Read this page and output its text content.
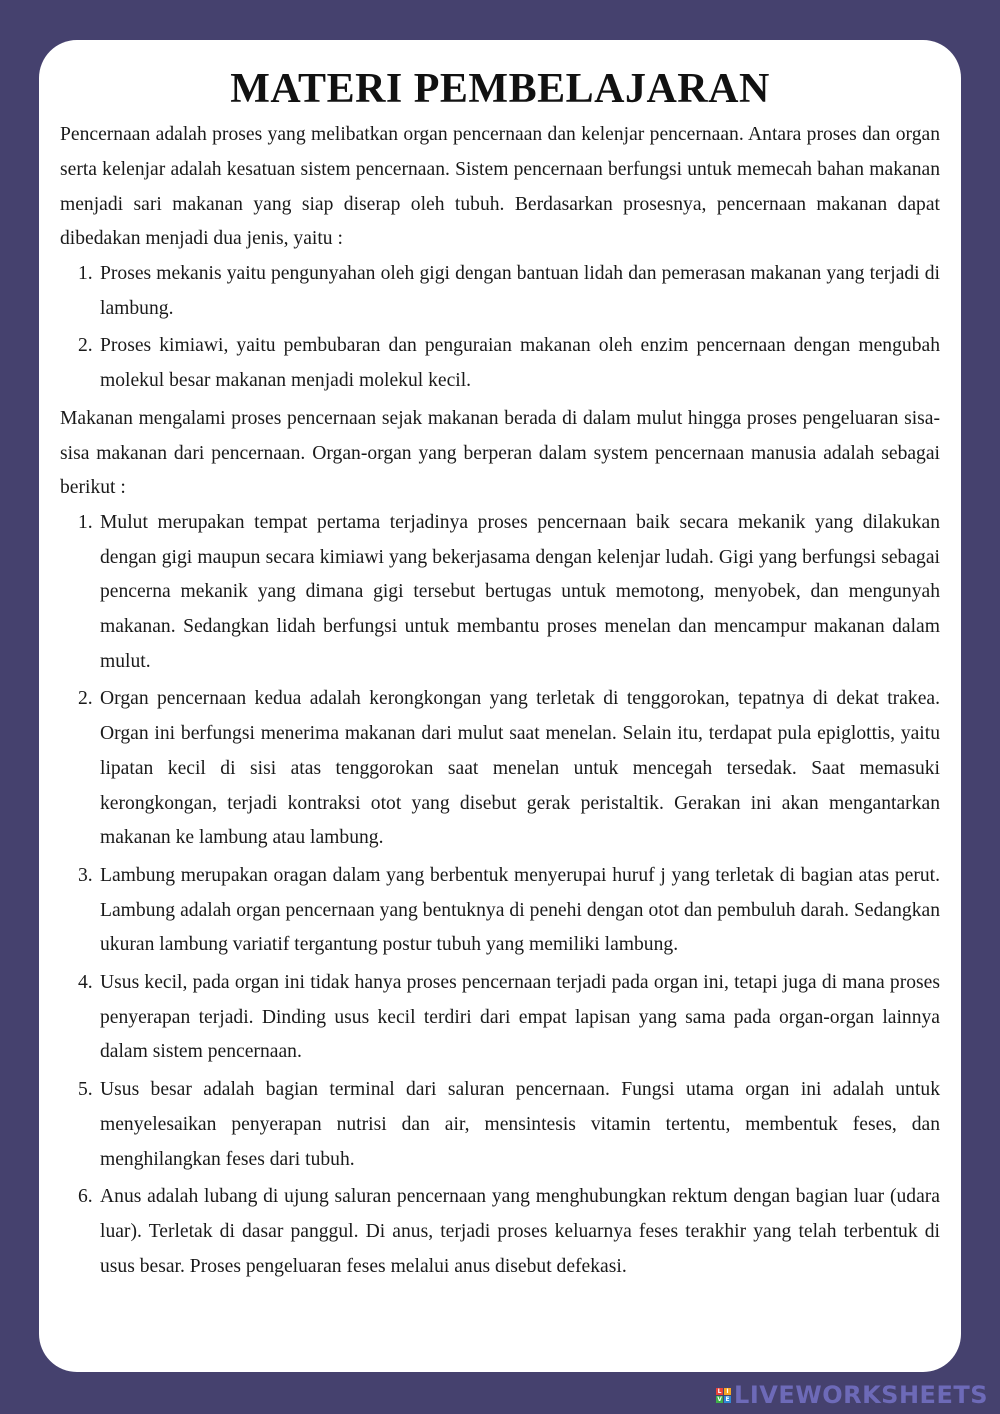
MATERI PEMBELAJARAN

Pencernaan adalah proses yang melibatkan organ pencernaan dan kelenjar pencernaan. Antara proses dan organ serta kelenjar adalah kesatuan sistem pencernaan. Sistem pencernaan berfungsi untuk memecah bahan makanan menjadi sari makanan yang siap diserap oleh tubuh. Berdasarkan prosesnya, pencernaan makanan dapat dibedakan menjadi dua jenis, yaitu :

1. Proses mekanis yaitu pengunyahan oleh gigi dengan bantuan lidah dan pemerasan makanan yang terjadi di lambung.
2. Proses kimiawi, yaitu pembubaran dan penguraian makanan oleh enzim pencernaan dengan mengubah molekul besar makanan menjadi molekul kecil.

Makanan mengalami proses pencernaan sejak makanan berada di dalam mulut hingga proses pengeluaran sisa-sisa makanan dari pencernaan. Organ-organ yang berperan dalam system pencernaan manusia adalah sebagai berikut :

1. Mulut merupakan tempat pertama terjadinya proses pencernaan baik secara mekanik yang dilakukan dengan gigi maupun secara kimiawi yang bekerjasama dengan kelenjar ludah. Gigi yang berfungsi sebagai pencerna mekanik yang dimana gigi tersebut bertugas untuk memotong, menyobek, dan mengunyah makanan. Sedangkan lidah berfungsi untuk membantu proses menelan dan mencampur makanan dalam mulut.
2. Organ pencernaan kedua adalah kerongkongan yang terletak di tenggorokan, tepatnya di dekat trakea. Organ ini berfungsi menerima makanan dari mulut saat menelan. Selain itu, terdapat pula epiglottis, yaitu lipatan kecil di sisi atas tenggorokan saat menelan untuk mencegah tersedak. Saat memasuki kerongkongan, terjadi kontraksi otot yang disebut gerak peristaltik. Gerakan ini akan mengantarkan makanan ke lambung atau lambung.
3. Lambung merupakan oragan dalam yang berbentuk menyerupai huruf j yang terletak di bagian atas perut. Lambung adalah organ pencernaan yang bentuknya di penehi dengan otot dan pembuluh darah. Sedangkan ukuran lambung variatif tergantung postur tubuh yang memiliki lambung.
4. Usus kecil, pada organ ini tidak hanya proses pencernaan terjadi pada organ ini, tetapi juga di mana proses penyerapan terjadi. Dinding usus kecil terdiri dari empat lapisan yang sama pada organ-organ lainnya dalam sistem pencernaan.
5. Usus besar adalah bagian terminal dari saluran pencernaan. Fungsi utama organ ini adalah untuk menyelesaikan penyerapan nutrisi dan air, mensintesis vitamin tertentu, membentuk feses, dan menghilangkan feses dari tubuh.
6. Anus adalah lubang di ujung saluran pencernaan yang menghubungkan rektum dengan bagian luar (udara luar). Terletak di dasar panggul. Di anus, terjadi proses keluarnya feses terakhir yang telah terbentuk di usus besar. Proses pengeluaran feses melalui anus disebut defekasi.
L I
V E LIVEWORKSHEETS
